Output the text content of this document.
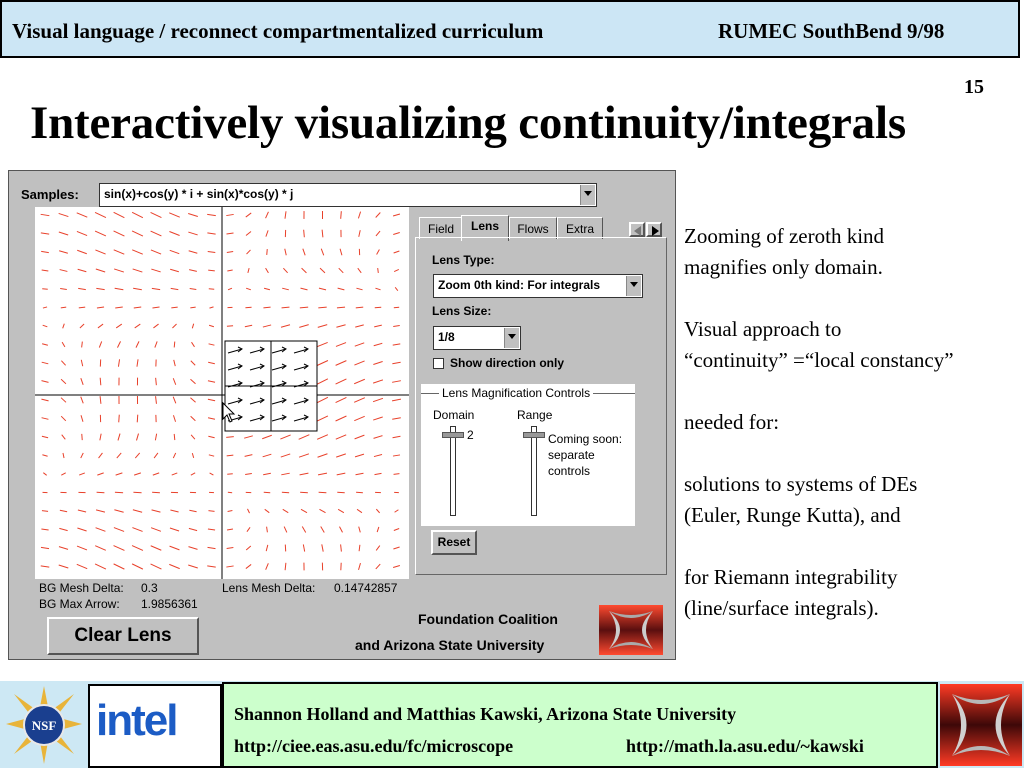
Visual language / reconnect compartmentalized curriculum	RUMEC SouthBend 9/98
15
Interactively visualizing continuity/integrals
Samples: sin(x)+cos(y) * i + sin(x)*cos(y) * j
Field	Lens	Flows	Extra
Lens Type:
Zoom 0th kind: For integrals
Lens Size:
1/8
Show direction only
Lens Magnification Controls
Domain	Range
2	Coming soon:
separate
controls
Reset
BG Mesh Delta: 0.3	Lens Mesh Delta: 0.14742857
BG Max Arrow: 1.9856361
Clear Lens
Foundation Coalition
and Arizona State University

Zooming of zeroth kind
magnifies only domain.

Visual approach to
“continuity” =“local constancy”

needed for:

solutions to systems of DEs
(Euler, Runge Kutta), and

for Riemann integrability
(line/surface integrals).

NSF intel	Shannon Holland and Matthias Kawski, Arizona State University
http://ciee.eas.asu.edu/fc/microscope	http://math.la.asu.edu/~kawski
